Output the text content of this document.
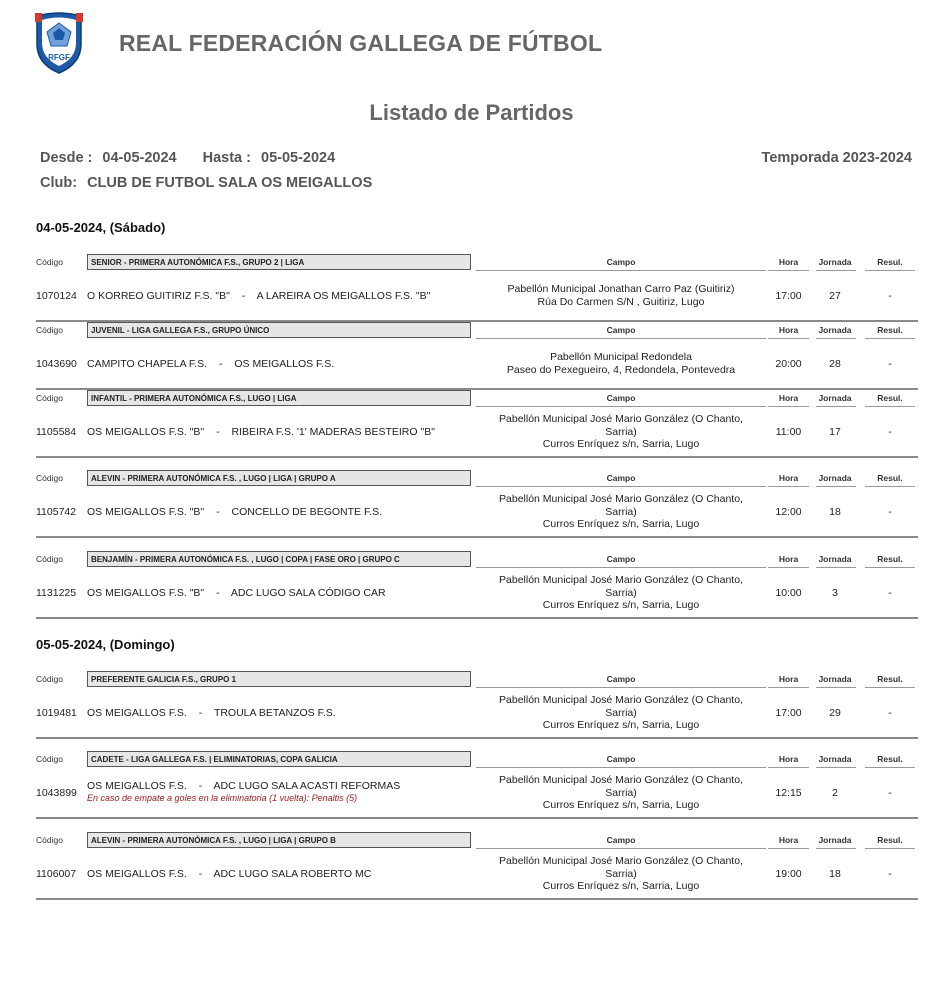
RFGF
REAL FEDERACIÓN GALLEGA DE FÚTBOL
Listado de Partidos
Desde : 04-05-2024 Hasta : 05-05-2024	Temporada 2023-2024
Club: CLUB DE FUTBOL SALA OS MEIGALLOS
04-05-2024, (Sábado)
05-05-2024, (Domingo)
Código	SENIOR - PRIMERA AUTONÓMICA F.S., GRUPO 2 | LIGA	Campo	Hora	Jornada	Resul.
1070124 O KORREO GUITIRIZ F.S. "B" - A LAREIRA OS MEIGALLOS F.S. "B"
Pabellón Municipal Jonathan Carro Paz (Guitiriz)
Rúa Do Carmen S/N , Guitiriz, Lugo	17:00	27	-
Código	JUVENIL - LIGA GALLEGA F.S., GRUPO ÚNICO	Campo	Hora	Jornada	Resul.
1043690 CAMPITO CHAPELA F.S. - OS MEIGALLOS F.S.
Pabellón Municipal Redondela
Paseo do Pexegueiro, 4, Redondela, Pontevedra	20:00	28	-
Código	INFANTIL - PRIMERA AUTONÓMICA F.S., LUGO | LIGA	Campo	Hora	Jornada	Resul.
1105584 OS MEIGALLOS F.S. "B" - RIBEIRA F.S. '1' MADERAS BESTEIRO "B"
Pabellón Municipal José Mario González (O Chanto,
Sarria)
Curros Enríquez s/n, Sarria, Lugo
11:00	17	-
Código	ALEVIN - PRIMERA AUTONÓMICA F.S. , LUGO | LIGA | GRUPO A	Campo	Hora	Jornada	Resul.
1105742 OS MEIGALLOS F.S. "B" - CONCELLO DE BEGONTE F.S.
Pabellón Municipal José Mario González (O Chanto,
Sarria)
Curros Enríquez s/n, Sarria, Lugo
12:00	18	-
Código	BENJAMÍN - PRIMERA AUTONÓMICA F.S. , LUGO | COPA | FASE ORO | GRUPO C	Campo	Hora	Jornada	Resul.
1131225 OS MEIGALLOS F.S. "B" - ADC LUGO SALA CÓDIGO CAR
Pabellón Municipal José Mario González (O Chanto,
Sarria)
Curros Enríquez s/n, Sarria, Lugo
10:00	3	-
Código	PREFERENTE GALICIA F.S., GRUPO 1	Campo	Hora	Jornada	Resul.
1019481 OS MEIGALLOS F.S. - TROULA BETANZOS F.S.
Pabellón Municipal José Mario González (O Chanto,
Sarria)
Curros Enríquez s/n, Sarria, Lugo
17:00	29	-
Código	CADETE - LIGA GALLEGA F.S. | ELIMINATORIAS, COPA GALICIA	Campo	Hora	Jornada	Resul.
1043899
OS MEIGALLOS F.S. - ADC LUGO SALA ACASTI REFORMAS
En caso de empate a goles en la eliminatoria (1 vuelta): Penaltis (5)
Pabellón Municipal José Mario González (O Chanto,
Sarria)
Curros Enríquez s/n, Sarria, Lugo
12:15	2	-
Código	ALEVIN - PRIMERA AUTONÓMICA F.S. , LUGO | LIGA | GRUPO B	Campo	Hora	Jornada	Resul.
1106007 OS MEIGALLOS F.S. - ADC LUGO SALA ROBERTO MC
Pabellón Municipal José Mario González (O Chanto,
Sarria)
Curros Enríquez s/n, Sarria, Lugo
19:00	18	-
